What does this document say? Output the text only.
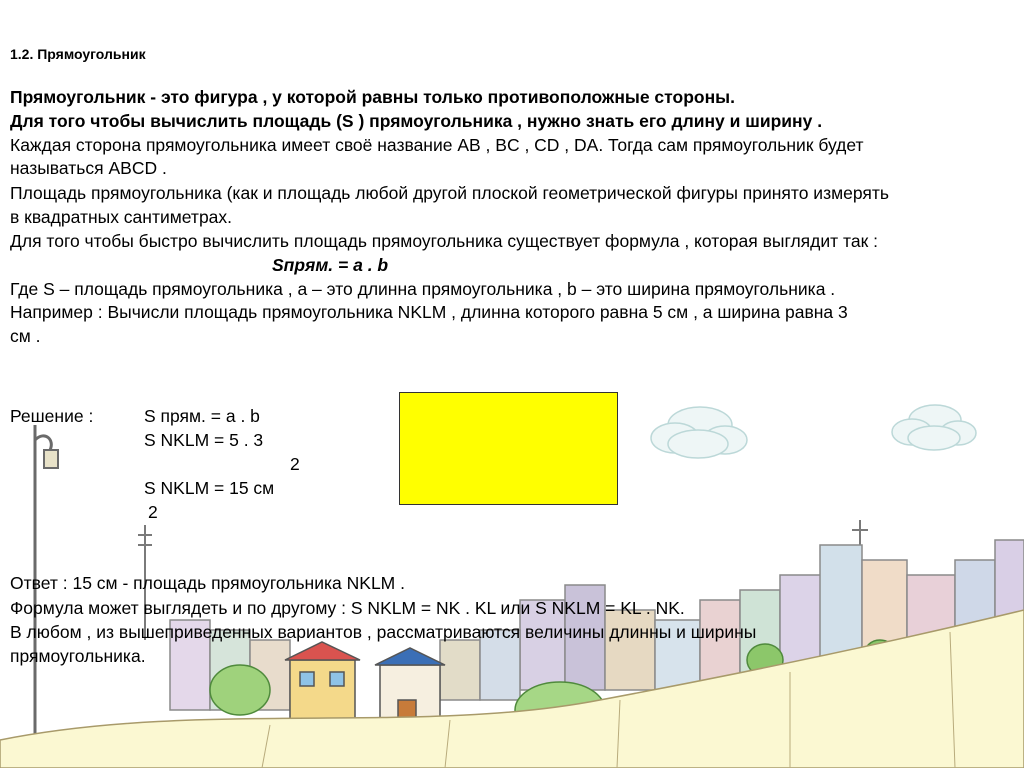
1.2. Прямоугольник
Прямоугольник - это фигура , у которой равны только противоположные стороны.
Для того чтобы вычислить площадь (S ) прямоугольника , нужно знать его длину и ширину .
Каждая сторона прямоугольника имеет своё название AB , BC , CD , DA. Тогда сам прямоугольник будет
называться ABCD .
Площадь прямоугольника (как и площадь любой другой плоской геометрической фигуры принято измерять
в квадратных сантиметрах.
Для того чтобы быстро вычислить площадь прямоугольника существует формула , которая выглядит так :
Sпрям. = a . b
Где S – площадь прямоугольника , a – это длинна прямоугольника , b – это ширина прямоугольника .
Например : Вычисли площадь прямоугольника NKLM , длинна которого равна 5 см , а ширина равна 3
см .
Решение :	S прям. = a . b
S NKLM = 5 . 3
2
S NKLM = 15 см
2
Ответ : 15 см - площадь прямоугольника NKLM .
Формула может выглядеть и по другому : S NKLM = NK . KL или S NKLM = KL . NK.
В любом , из вышеприведенных вариантов , рассматриваются величины длинны и ширины
прямоугольника.
